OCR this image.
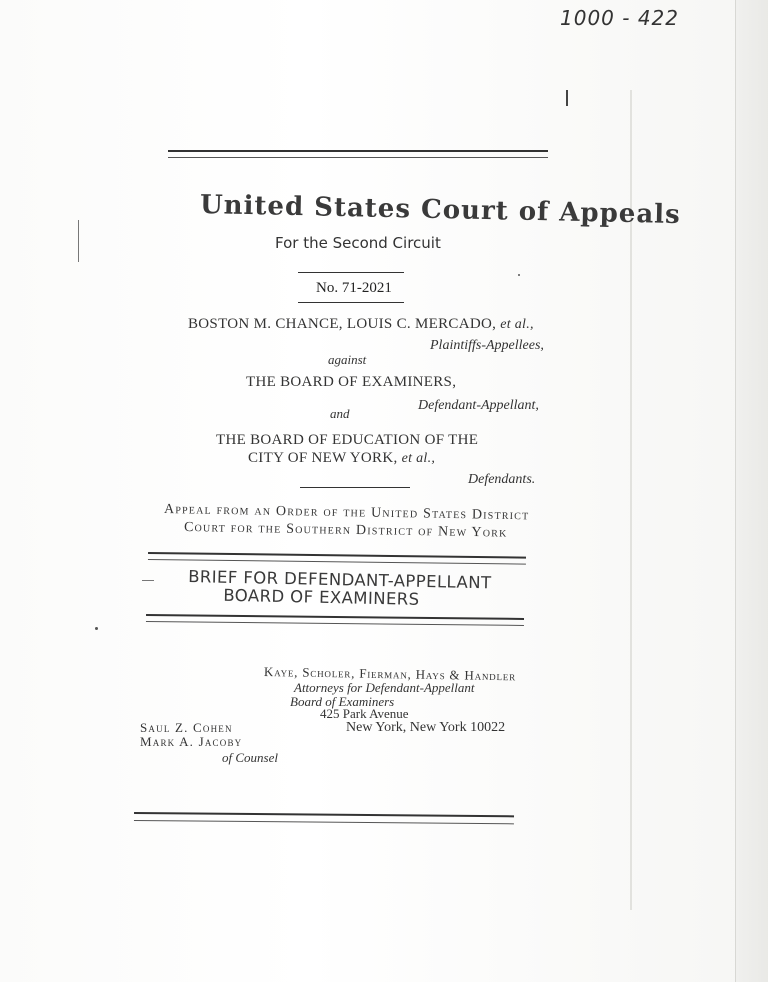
1000 - 422
United States Court of Appeals
For the Second Circuit
No. 71-2021
BOSTON M. CHANCE, LOUIS C. MERCADO, et al.,
Plaintiffs-Appellees,
against
THE BOARD OF EXAMINERS,
Defendant-Appellant,
and
THE BOARD OF EDUCATION OF THE
CITY OF NEW YORK, et al.,
Defendants.
Appeal from an Order of the United States District
Court for the Southern District of New York
BRIEF FOR DEFENDANT-APPELLANT
BOARD OF EXAMINERS
Kaye, Scholer, Fierman, Hays & Handler
Attorneys for Defendant-Appellant
Board of Examiners
425 Park Avenue
New York, New York 10022
Saul Z. Cohen
Mark A. Jacoby
of Counsel
